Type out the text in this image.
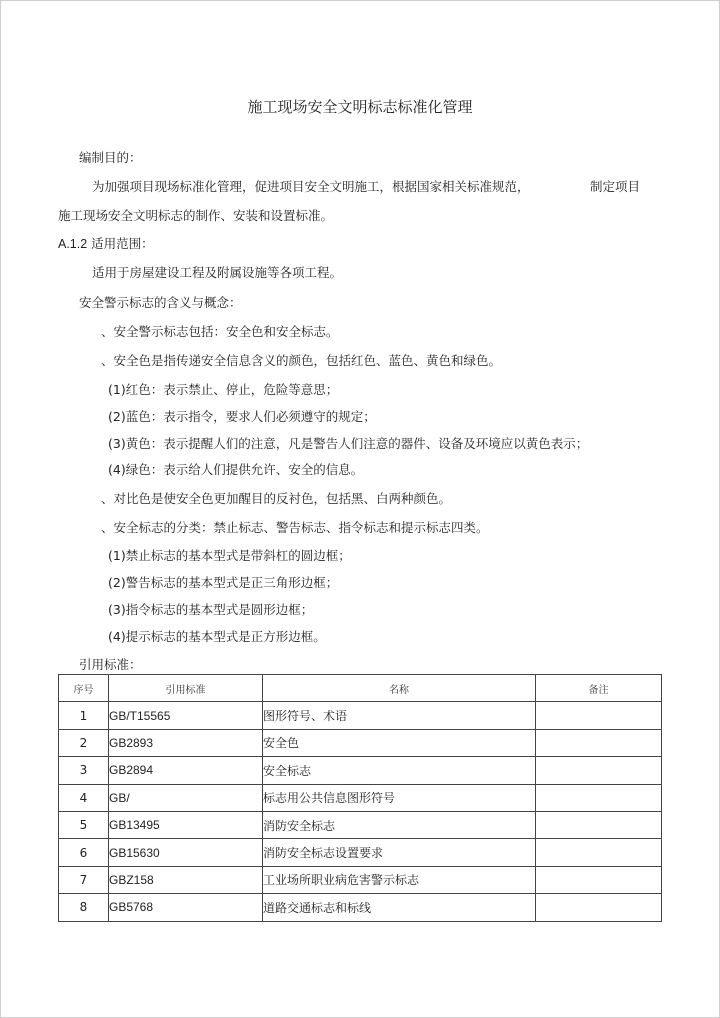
施工现场安全文明标志标准化管理
编制目的：
为加强项目现场标准化管理，促进项目安全文明施工，根据国家相关标准规范，	制定项目
施工现场安全文明标志的制作、安装和设置标准。
A.1.2 适用范围：
适用于房屋建设工程及附属设施等各项工程。
安全警示标志的含义与概念：
、安全警示标志包括：安全色和安全标志。
、安全色是指传递安全信息含义的颜色，包括红色、蓝色、黄色和绿色。
(1)红色：表示禁止、停止，危险等意思；
(2)蓝色：表示指令，要求人们必须遵守的规定；
(3)黄色：表示提醒人们的注意，凡是警告人们注意的器件、设备及环境应以黄色表示；
(4)绿色：表示给人们提供允许、安全的信息。
、对比色是使安全色更加醒目的反衬色，包括黑、白两种颜色。
、安全标志的分类：禁止标志、警告标志、指令标志和提示标志四类。
(1)禁止标志的基本型式是带斜杠的圆边框；
(2)警告标志的基本型式是正三角形边框；
(3)指令标志的基本型式是圆形边框；
(4)提示标志的基本型式是正方形边框。
引用标准：
序号	引用标准	名称	备注
1	GB/T15565	图形符号、术语	
2	GB2893	安全色	
3	GB2894	安全标志	
4	GB/	标志用公共信息图形符号	
5	GB13495	消防安全标志	
6	GB15630	消防安全标志设置要求	
7	GBZ158	工业场所职业病危害警示标志	
8	GB5768	道路交通标志和标线	
